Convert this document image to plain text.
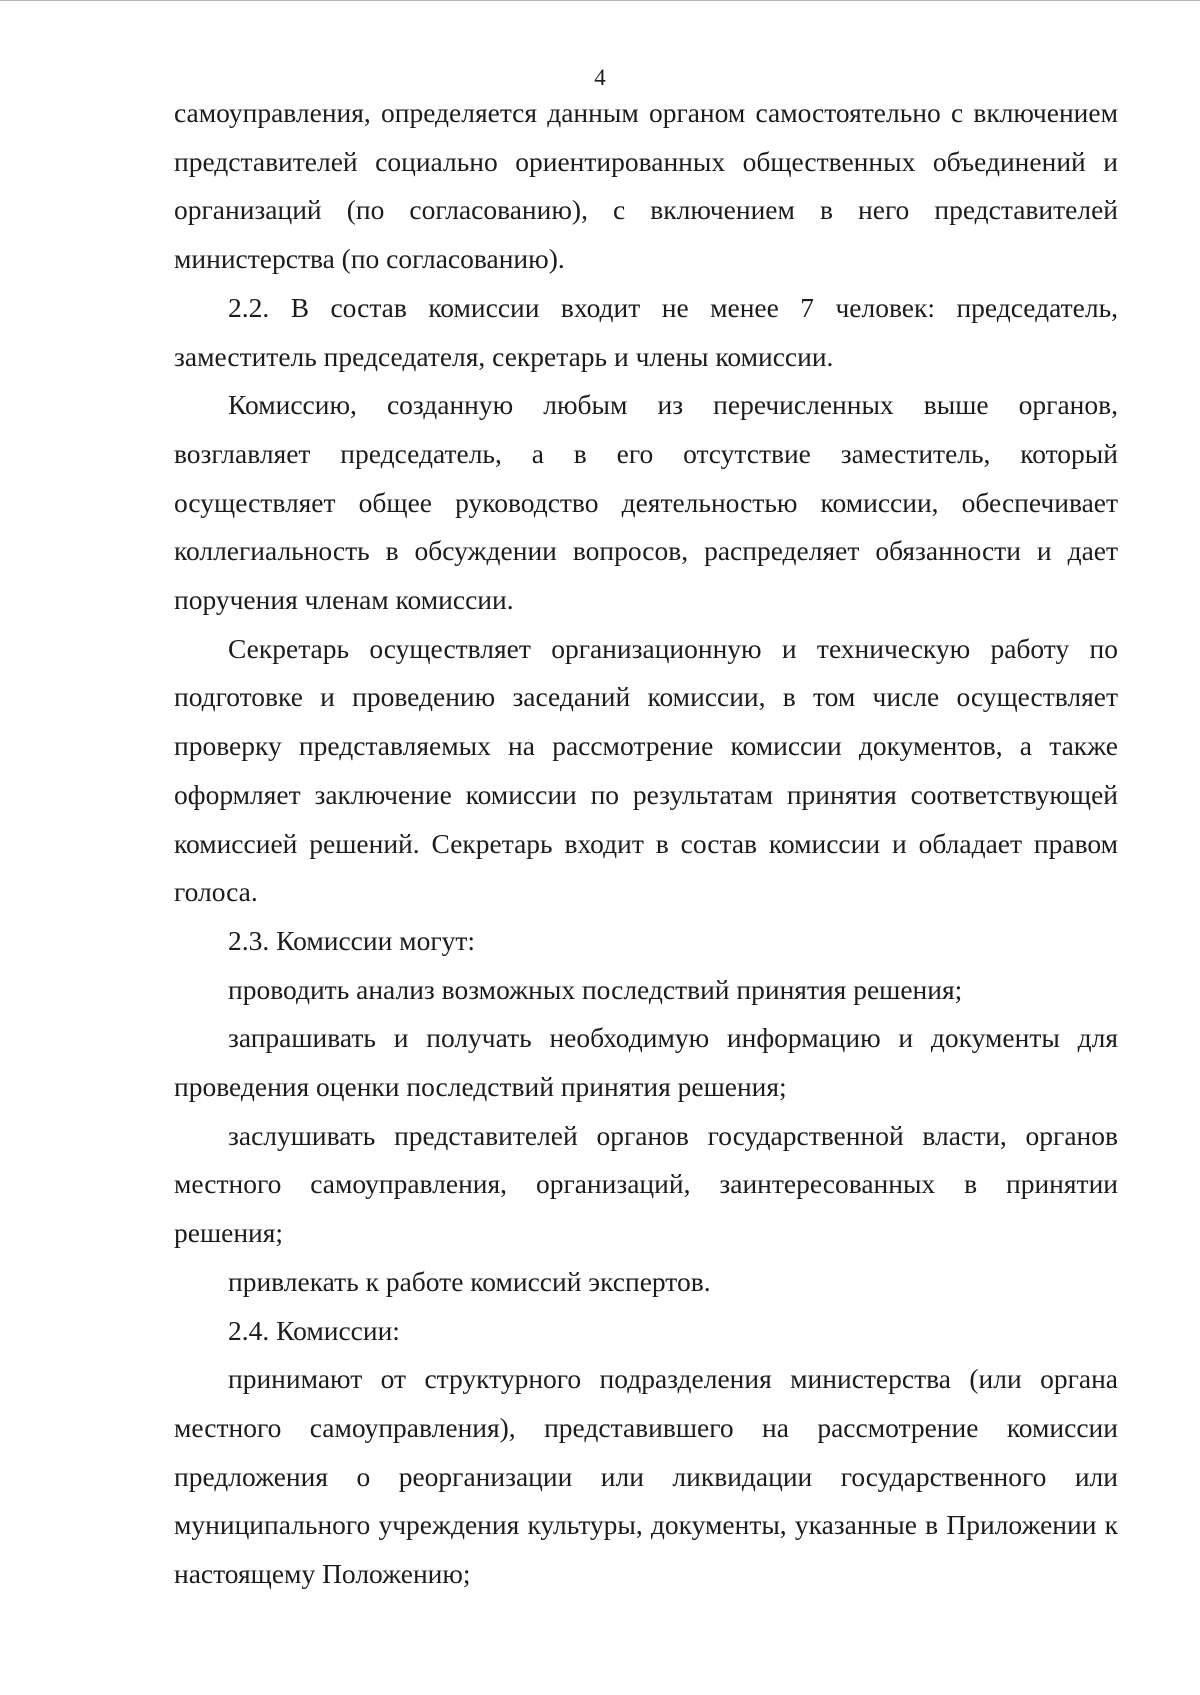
4

самоуправления, определяется данным органом самостоятельно с включением представителей социально ориентированных общественных объединений и организаций (по согласованию), с включением в него представителей министерства (по согласованию).

2.2. В состав комиссии входит не менее 7 человек: председатель, заместитель председателя, секретарь и члены комиссии.

Комиссию, созданную любым из перечисленных выше органов, возглавляет председатель, а в его отсутствие заместитель, который осуществляет общее руководство деятельностью комиссии, обеспечивает коллегиальность в обсуждении вопросов, распределяет обязанности и дает поручения членам комиссии.

Секретарь осуществляет организационную и техническую работу по подготовке и проведению заседаний комиссии, в том числе осуществляет проверку представляемых на рассмотрение комиссии документов, а также оформляет заключение комиссии по результатам принятия соответствующей комиссией решений. Секретарь входит в состав комиссии и обладает правом голоса.

2.3. Комиссии могут:

проводить анализ возможных последствий принятия решения;

запрашивать и получать необходимую информацию и документы для проведения оценки последствий принятия решения;

заслушивать представителей органов государственной власти, органов местного самоуправления, организаций, заинтересованных в принятии решения;

привлекать к работе комиссий экспертов.

2.4. Комиссии:

принимают от структурного подразделения министерства (или органа местного самоуправления), представившего на рассмотрение комиссии предложения о реорганизации или ликвидации государственного или муниципального учреждения культуры, документы, указанные в Приложении к настоящему Положению;
